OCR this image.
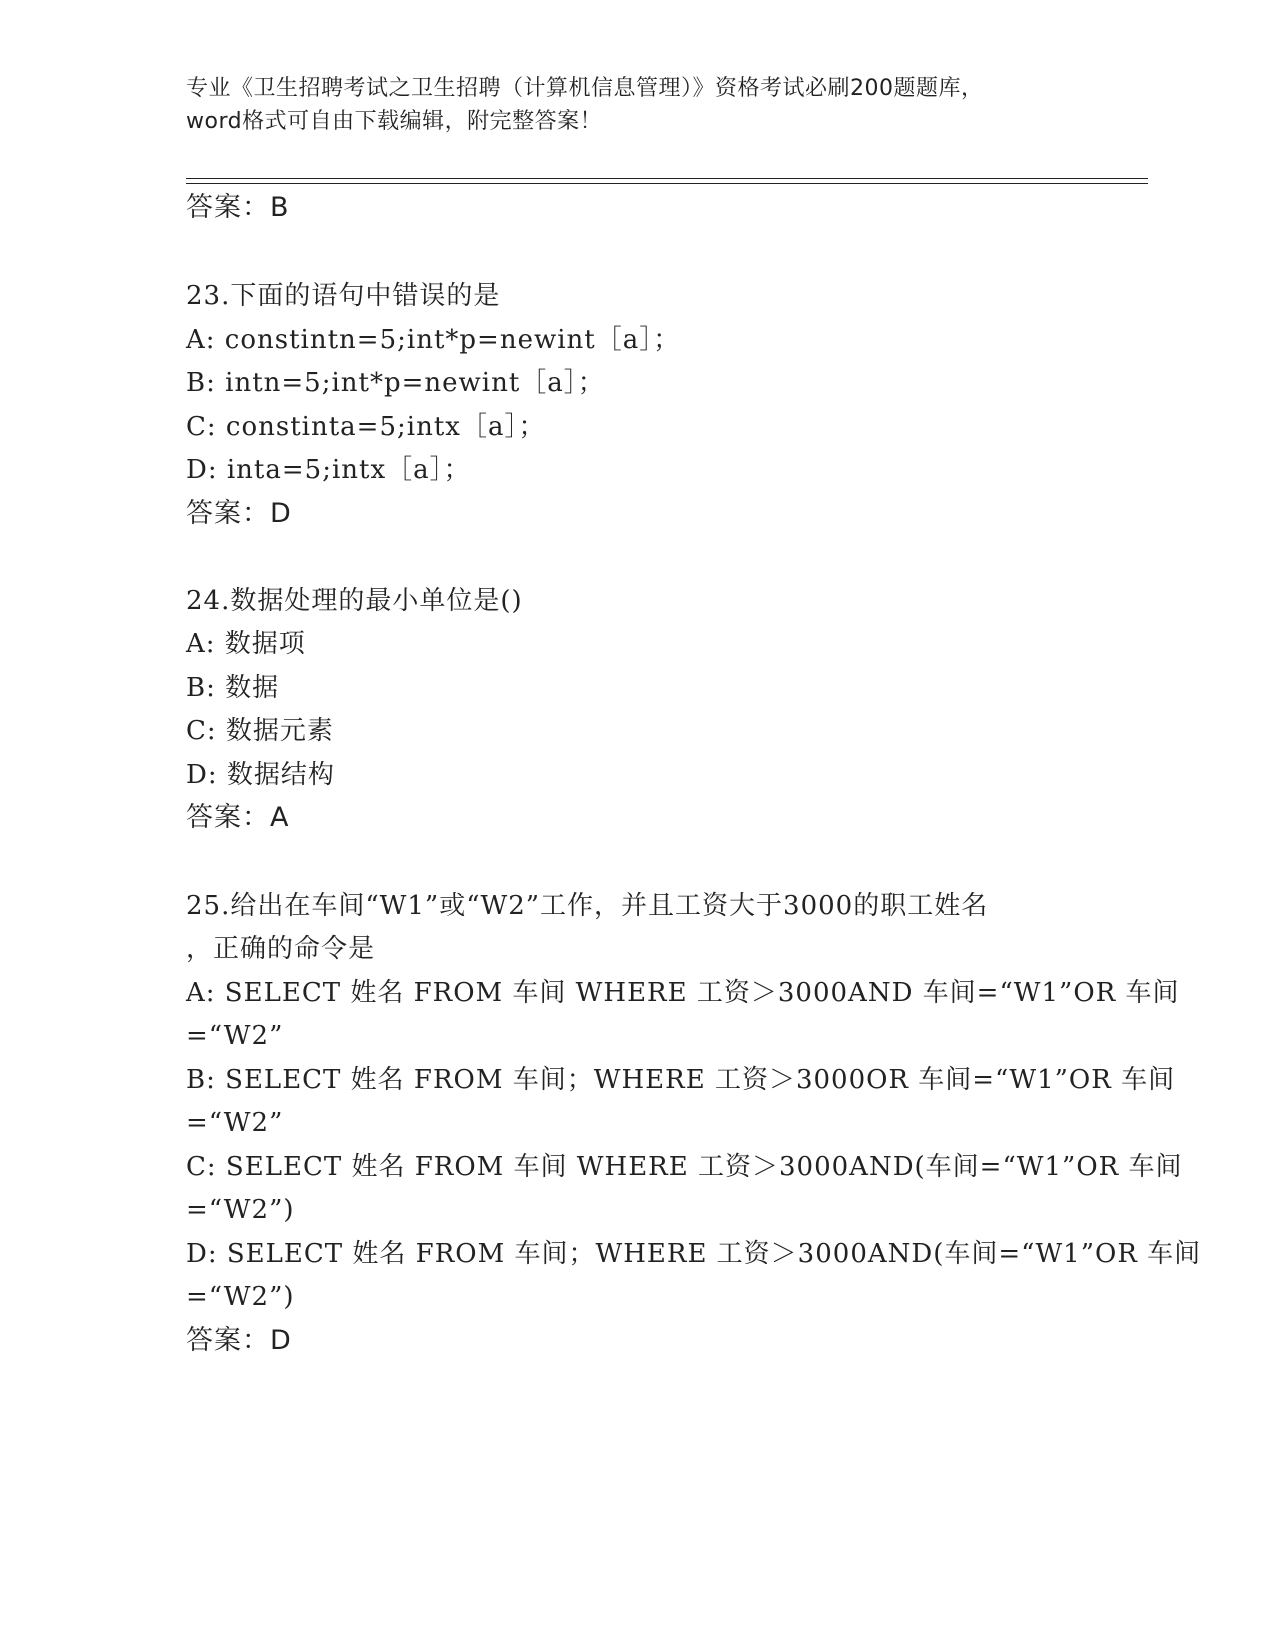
专业《卫生招聘考试之卫生招聘（计算机信息管理）》资格考试必刷200题题库，
word格式可自由下载编辑，附完整答案！
答案：B
23.下面的语句中错误的是
A: constintn=5;int*p=newint［a］；
B: intn=5;int*p=newint［a］；
C: constinta=5;intx［a］；
D: inta=5;intx［a］；
答案：D
24.数据处理的最小单位是()
A: 数据项
B: 数据
C: 数据元素
D: 数据结构
答案：A
25.给出在车间“W1”或“W2”工作，并且工资大于3000的职工姓名
，正确的命令是
A: SELECT 姓名 FROM 车间 WHERE 工资＞3000AND 车间=“W1”OR 车间
=“W2”
B: SELECT 姓名 FROM 车间；WHERE 工资＞3000OR 车间=“W1”OR 车间
=“W2”
C: SELECT 姓名 FROM 车间 WHERE 工资＞3000AND(车间=“W1”OR 车间
=“W2”)
D: SELECT 姓名 FROM 车间；WHERE 工资＞3000AND(车间=“W1”OR 车间
=“W2”)
答案：D
